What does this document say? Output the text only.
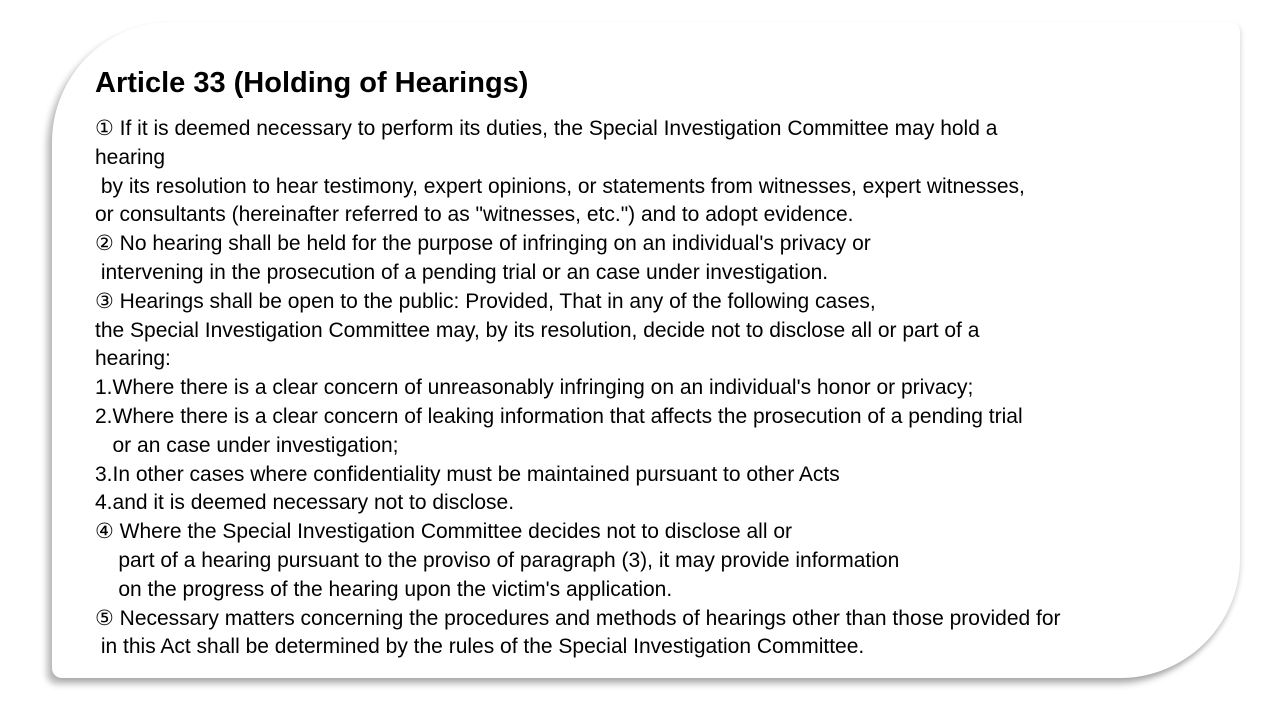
Article 33 (Holding of Hearings)
① If it is deemed necessary to perform its duties, the Special Investigation Committee may hold a
hearing
by its resolution to hear testimony, expert opinions, or statements from witnesses, expert witnesses,
or consultants (hereinafter referred to as "witnesses, etc.") and to adopt evidence.
② No hearing shall be held for the purpose of infringing on an individual's privacy or
intervening in the prosecution of a pending trial or an case under investigation.
③ Hearings shall be open to the public: Provided, That in any of the following cases,
the Special Investigation Committee may, by its resolution, decide not to disclose all or part of a
hearing:
1.Where there is a clear concern of unreasonably infringing on an individual's honor or privacy;
2.Where there is a clear concern of leaking information that affects the prosecution of a pending trial
or an case under investigation;
3.In other cases where confidentiality must be maintained pursuant to other Acts
4.and it is deemed necessary not to disclose.
④ Where the Special Investigation Committee decides not to disclose all or
part of a hearing pursuant to the proviso of paragraph (3), it may provide information
on the progress of the hearing upon the victim's application.
⑤ Necessary matters concerning the procedures and methods of hearings other than those provided for
in this Act shall be determined by the rules of the Special Investigation Committee.
